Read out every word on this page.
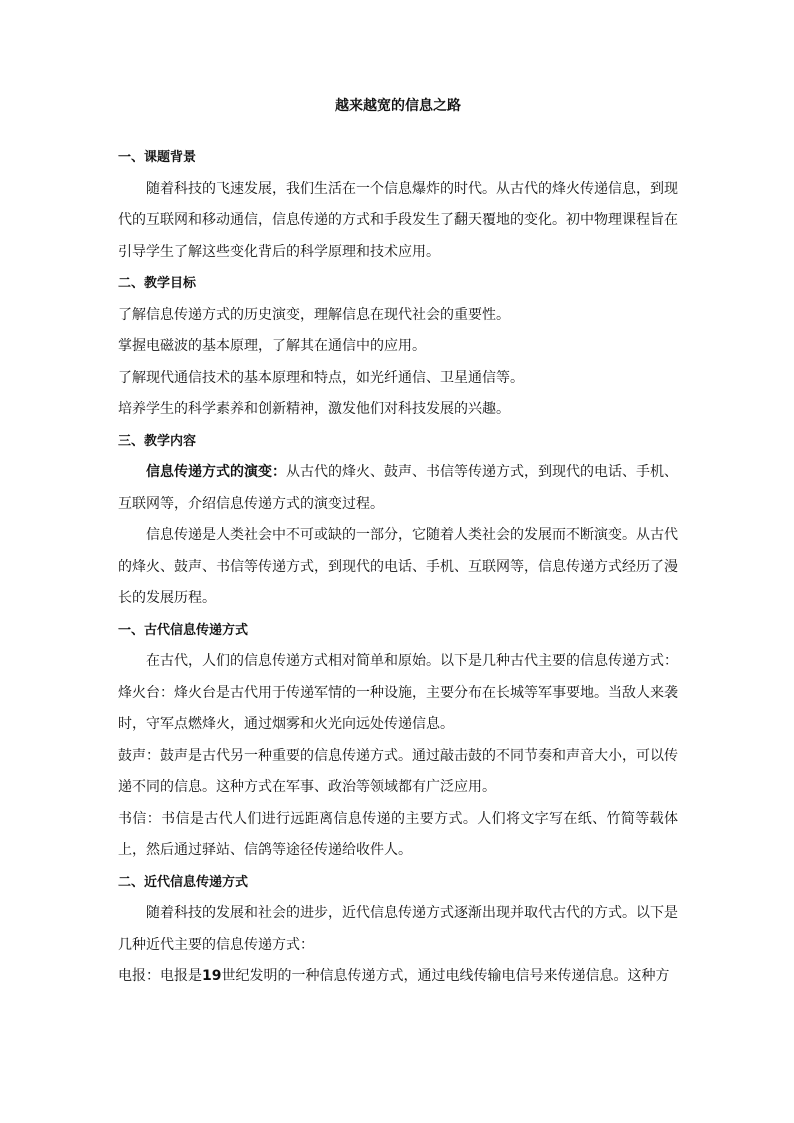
越来越宽的信息之路

一、课题背景

随着科技的飞速发展，我们生活在一个信息爆炸的时代。从古代的烽火传递信息，到现代的互联网和移动通信，信息传递的方式和手段发生了翻天覆地的变化。初中物理课程旨在引导学生了解这些变化背后的科学原理和技术应用。

二、教学目标

了解信息传递方式的历史演变，理解信息在现代社会的重要性。

掌握电磁波的基本原理，了解其在通信中的应用。

了解现代通信技术的基本原理和特点，如光纤通信、卫星通信等。

培养学生的科学素养和创新精神，激发他们对科技发展的兴趣。

三、教学内容

信息传递方式的演变：从古代的烽火、鼓声、书信等传递方式，到现代的电话、手机、互联网等，介绍信息传递方式的演变过程。

信息传递是人类社会中不可或缺的一部分，它随着人类社会的发展而不断演变。从古代的烽火、鼓声、书信等传递方式，到现代的电话、手机、互联网等，信息传递方式经历了漫长的发展历程。

一、古代信息传递方式

在古代，人们的信息传递方式相对简单和原始。以下是几种古代主要的信息传递方式：

烽火台：烽火台是古代用于传递军情的一种设施，主要分布在长城等军事要地。当敌人来袭时，守军点燃烽火，通过烟雾和火光向远处传递信息。

鼓声：鼓声是古代另一种重要的信息传递方式。通过敲击鼓的不同节奏和声音大小，可以传递不同的信息。这种方式在军事、政治等领域都有广泛应用。

书信：书信是古代人们进行远距离信息传递的主要方式。人们将文字写在纸、竹简等载体上，然后通过驿站、信鸽等途径传递给收件人。

二、近代信息传递方式

随着科技的发展和社会的进步，近代信息传递方式逐渐出现并取代古代的方式。以下是几种近代主要的信息传递方式：

电报：电报是19世纪发明的一种信息传递方式，通过电线传输电信号来传递信息。这种方
